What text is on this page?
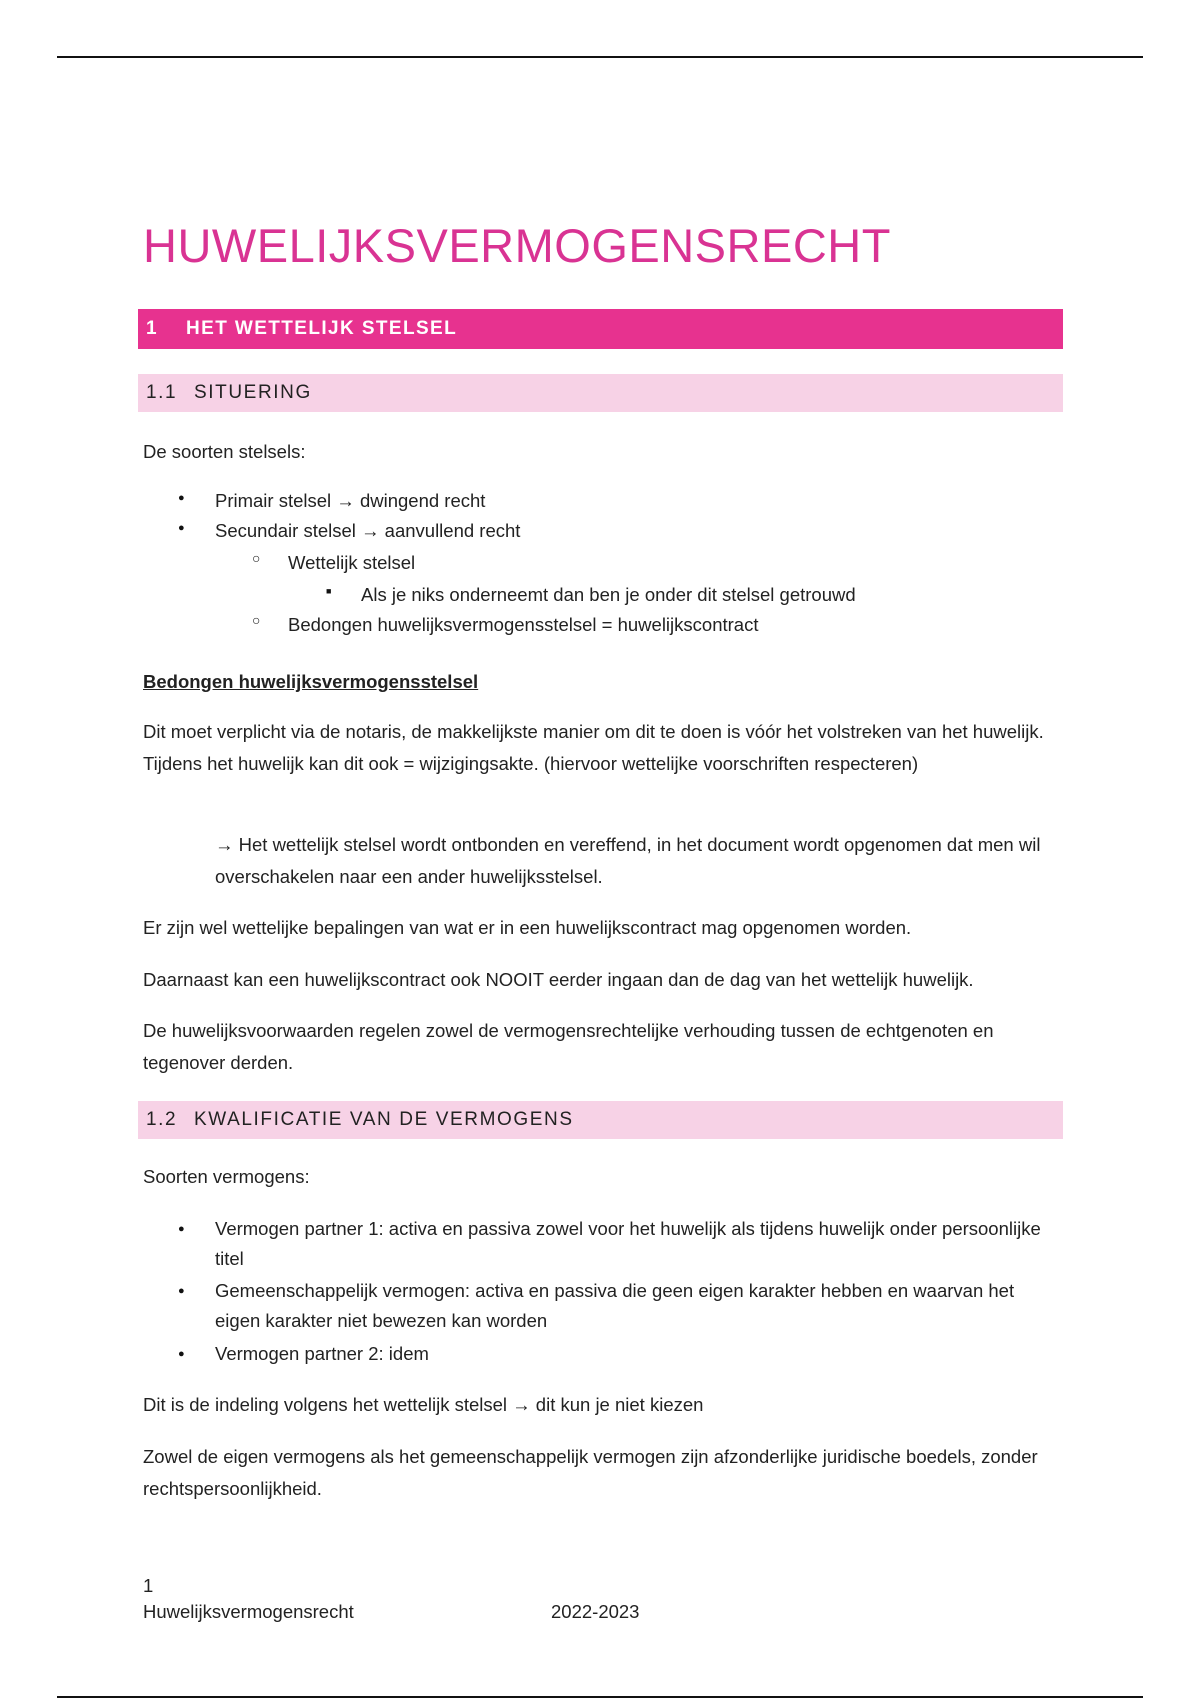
HUWELIJKSVERMOGENSRECHT
1 HET WETTELIJK STELSEL
1.1 SITUERING

De soorten stelsels:

●

Primair stelsel → dwingend recht

●

Secundair stelsel → aanvullend recht

○

Wettelijk stelsel

■

Als je niks onderneemt dan ben je onder dit stelsel getrouwd

○

Bedongen huwelijksvermogensstelsel = huwelijkscontract

Bedongen huwelijksvermogensstelsel

Dit moet verplicht via de notaris, de makkelijkste manier om dit te doen is vóór het volstreken van het huwelijk. Tijdens het huwelijk kan dit ook = wijzigingsakte. (hiervoor wettelijke voorschriften respecteren)

→ Het wettelijk stelsel wordt ontbonden en vereffend, in het document wordt opgenomen dat men wil overschakelen naar een ander huwelijksstelsel.

Er zijn wel wettelijke bepalingen van wat er in een huwelijkscontract mag opgenomen worden.

Daarnaast kan een huwelijkscontract ook NOOIT eerder ingaan dan de dag van het wettelijk huwelijk.

De huwelijksvoorwaarden regelen zowel de vermogensrechtelijke verhouding tussen de echtgenoten en tegenover derden.

1.2 KWALIFICATIE VAN DE VERMOGENS

Soorten vermogens:

●

Vermogen partner 1: activa en passiva zowel voor het huwelijk als tijdens huwelijk onder persoonlijke titel

●

Gemeenschappelijk vermogen: activa en passiva die geen eigen karakter hebben en waarvan het eigen karakter niet bewezen kan worden

●

Vermogen partner 2: idem

Dit is de indeling volgens het wettelijk stelsel → dit kun je niet kiezen

Zowel de eigen vermogens als het gemeenschappelijk vermogen zijn afzonderlijke juridische boedels, zonder rechtspersoonlijkheid.

1
Huwelijksvermogensrecht	2022-2023
